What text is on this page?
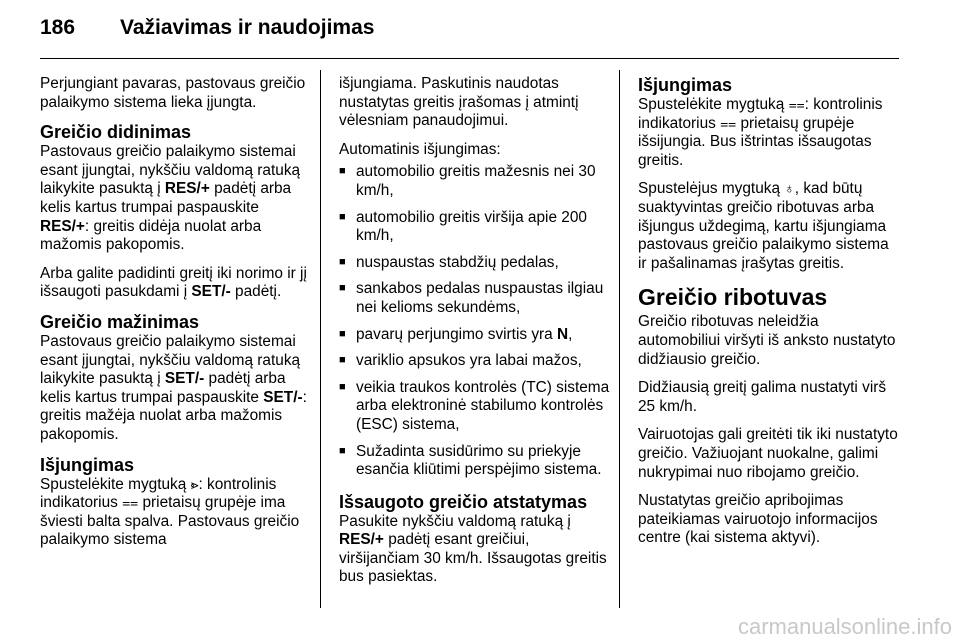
186 Važiavimas ir naudojimas

Perjungiant pavaras, pastovaus greičio palaikymo sistema lieka įjungta.

Greičio didinimas

Pastovaus greičio palaikymo sistemai esant įjungtai, nykščiu valdomą ratuką laikykite pasuktą į RES/+ padėtį arba kelis kartus trumpai paspauskite RES/+: greitis didėja nuolat arba mažomis pakopomis.

Arba galite padidinti greitį iki norimo ir jį išsaugoti pasukdami į SET/- padėtį.

Greičio mažinimas

Pastovaus greičio palaikymo sistemai esant įjungtai, nykščiu valdomą ratuką laikykite pasuktą į SET/- padėtį arba kelis kartus trumpai paspauskite SET/-: greitis mažėja nuolat arba mažomis pakopomis.

Išjungimas

Spustelėkite mygtuką ⩺: kontrolinis indikatorius ⩵ prietaisų grupėje ima šviesti balta spalva. Pastovaus greičio palaikymo sistema

išjungiama. Paskutinis naudotas nustatytas greitis įrašomas į atmintį vėlesniam panaudojimui.

Automatinis išjungimas:

■ automobilio greitis mažesnis nei 30 km/h,
■ automobilio greitis viršija apie 200 km/h,
■ nuspaustas stabdžių pedalas,
■ sankabos pedalas nuspaustas ilgiau nei kelioms sekundėms,
■ pavarų perjungimo svirtis yra N,
■ variklio apsukos yra labai mažos,
■ veikia traukos kontrolės (TC) sistema arba elektroninė stabilumo kontrolės (ESC) sistema,
■ Sužadinta susidūrimo su priekyje esančia kliūtimi perspėjimo sistema.
Išsaugoto greičio atstatymas

Pasukite nykščiu valdomą ratuką į RES/+ padėtį esant greičiui, viršijančiam 30 km/h. Išsaugotas greitis bus pasiektas.

Išjungimas

Spustelėkite mygtuką ⩵: kontrolinis indikatorius ⩵ prietaisų grupėje išsijungia. Bus ištrintas išsaugotas greitis.

Spustelėjus mygtuką ♁, kad būtų suaktyvintas greičio ribotuvas arba išjungus uždegimą, kartu išjungiama pastovaus greičio palaikymo sistema ir pašalinamas įrašytas greitis.

Greičio ribotuvas

Greičio ribotuvas neleidžia automobiliui viršyti iš anksto nustatyto didžiausio greičio.

Didžiausią greitį galima nustatyti virš 25 km/h.

Vairuotojas gali greitėti tik iki nustatyto greičio. Važiuojant nuokalne, galimi nukrypimai nuo ribojamo greičio.

Nustatytas greičio apribojimas pateikiamas vairuotojo informacijos centre (kai sistema aktyvi).

carmanualsonline.info
